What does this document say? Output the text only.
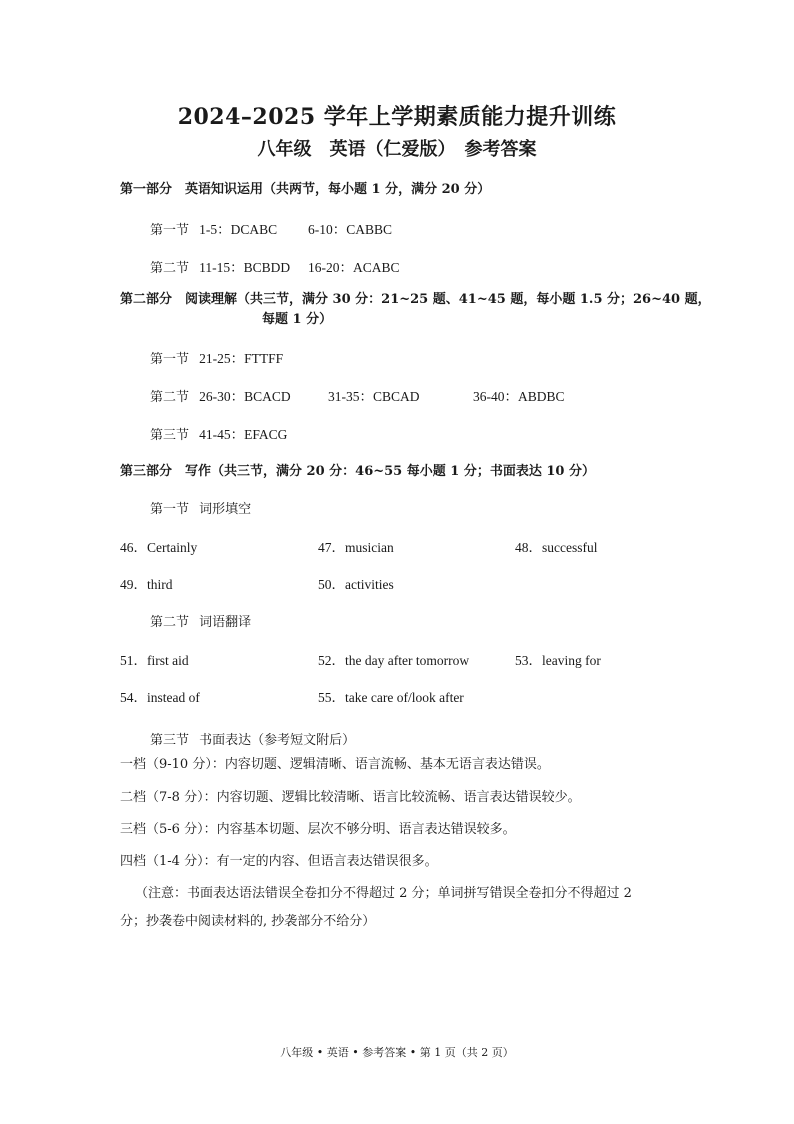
2024–2025 学年上学期素质能力提升训练
八年级　英语（仁爱版）　参考答案
第一部分　英语知识运用（共两节，每小题 1 分，满分 20 分）
第一节 1-5：DCABC 6-10：CABBC
第二节 11-15：BCBDD 16-20：ACABC
第二部分　阅读理解（共三节，满分 30 分：21~25 题、41~45 题，每小题 1.5 分；26~40 题，
每题 1 分）
第一节 21-25：FTTFF
第二节 26-30：BCACD	31-35：CBCAD	36-40：ABDBC
第三节 41-45：EFACG
第三部分　写作（共三节，满分 20 分：46~55 每小题 1 分；书面表达 10 分）
第一节 词形填空
46．Certainly	47．musician	48．successful
49．third	50．activities
第二节 词语翻译
51．first aid	52．the day after tomorrow	53．leaving for
54．instead of	55．take care of/look after
第三节 书面表达（参考短文附后）
一档（9-10 分）：内容切题、逻辑清晰、语言流畅、基本无语言表达错误。
二档（7-8 分）：内容切题、逻辑比较清晰、语言比较流畅、语言表达错误较少。
三档（5-6 分）：内容基本切题、层次不够分明、语言表达错误较多。
四档（1-4 分）：有一定的内容、但语言表达错误很多。
（注意：书面表达语法错误全卷扣分不得超过 2 分；单词拼写错误全卷扣分不得超过 2
分；抄袭卷中阅读材料的, 抄袭部分不给分）
八年级 • 英语 • 参考答案 • 第 1 页（共 2 页）
